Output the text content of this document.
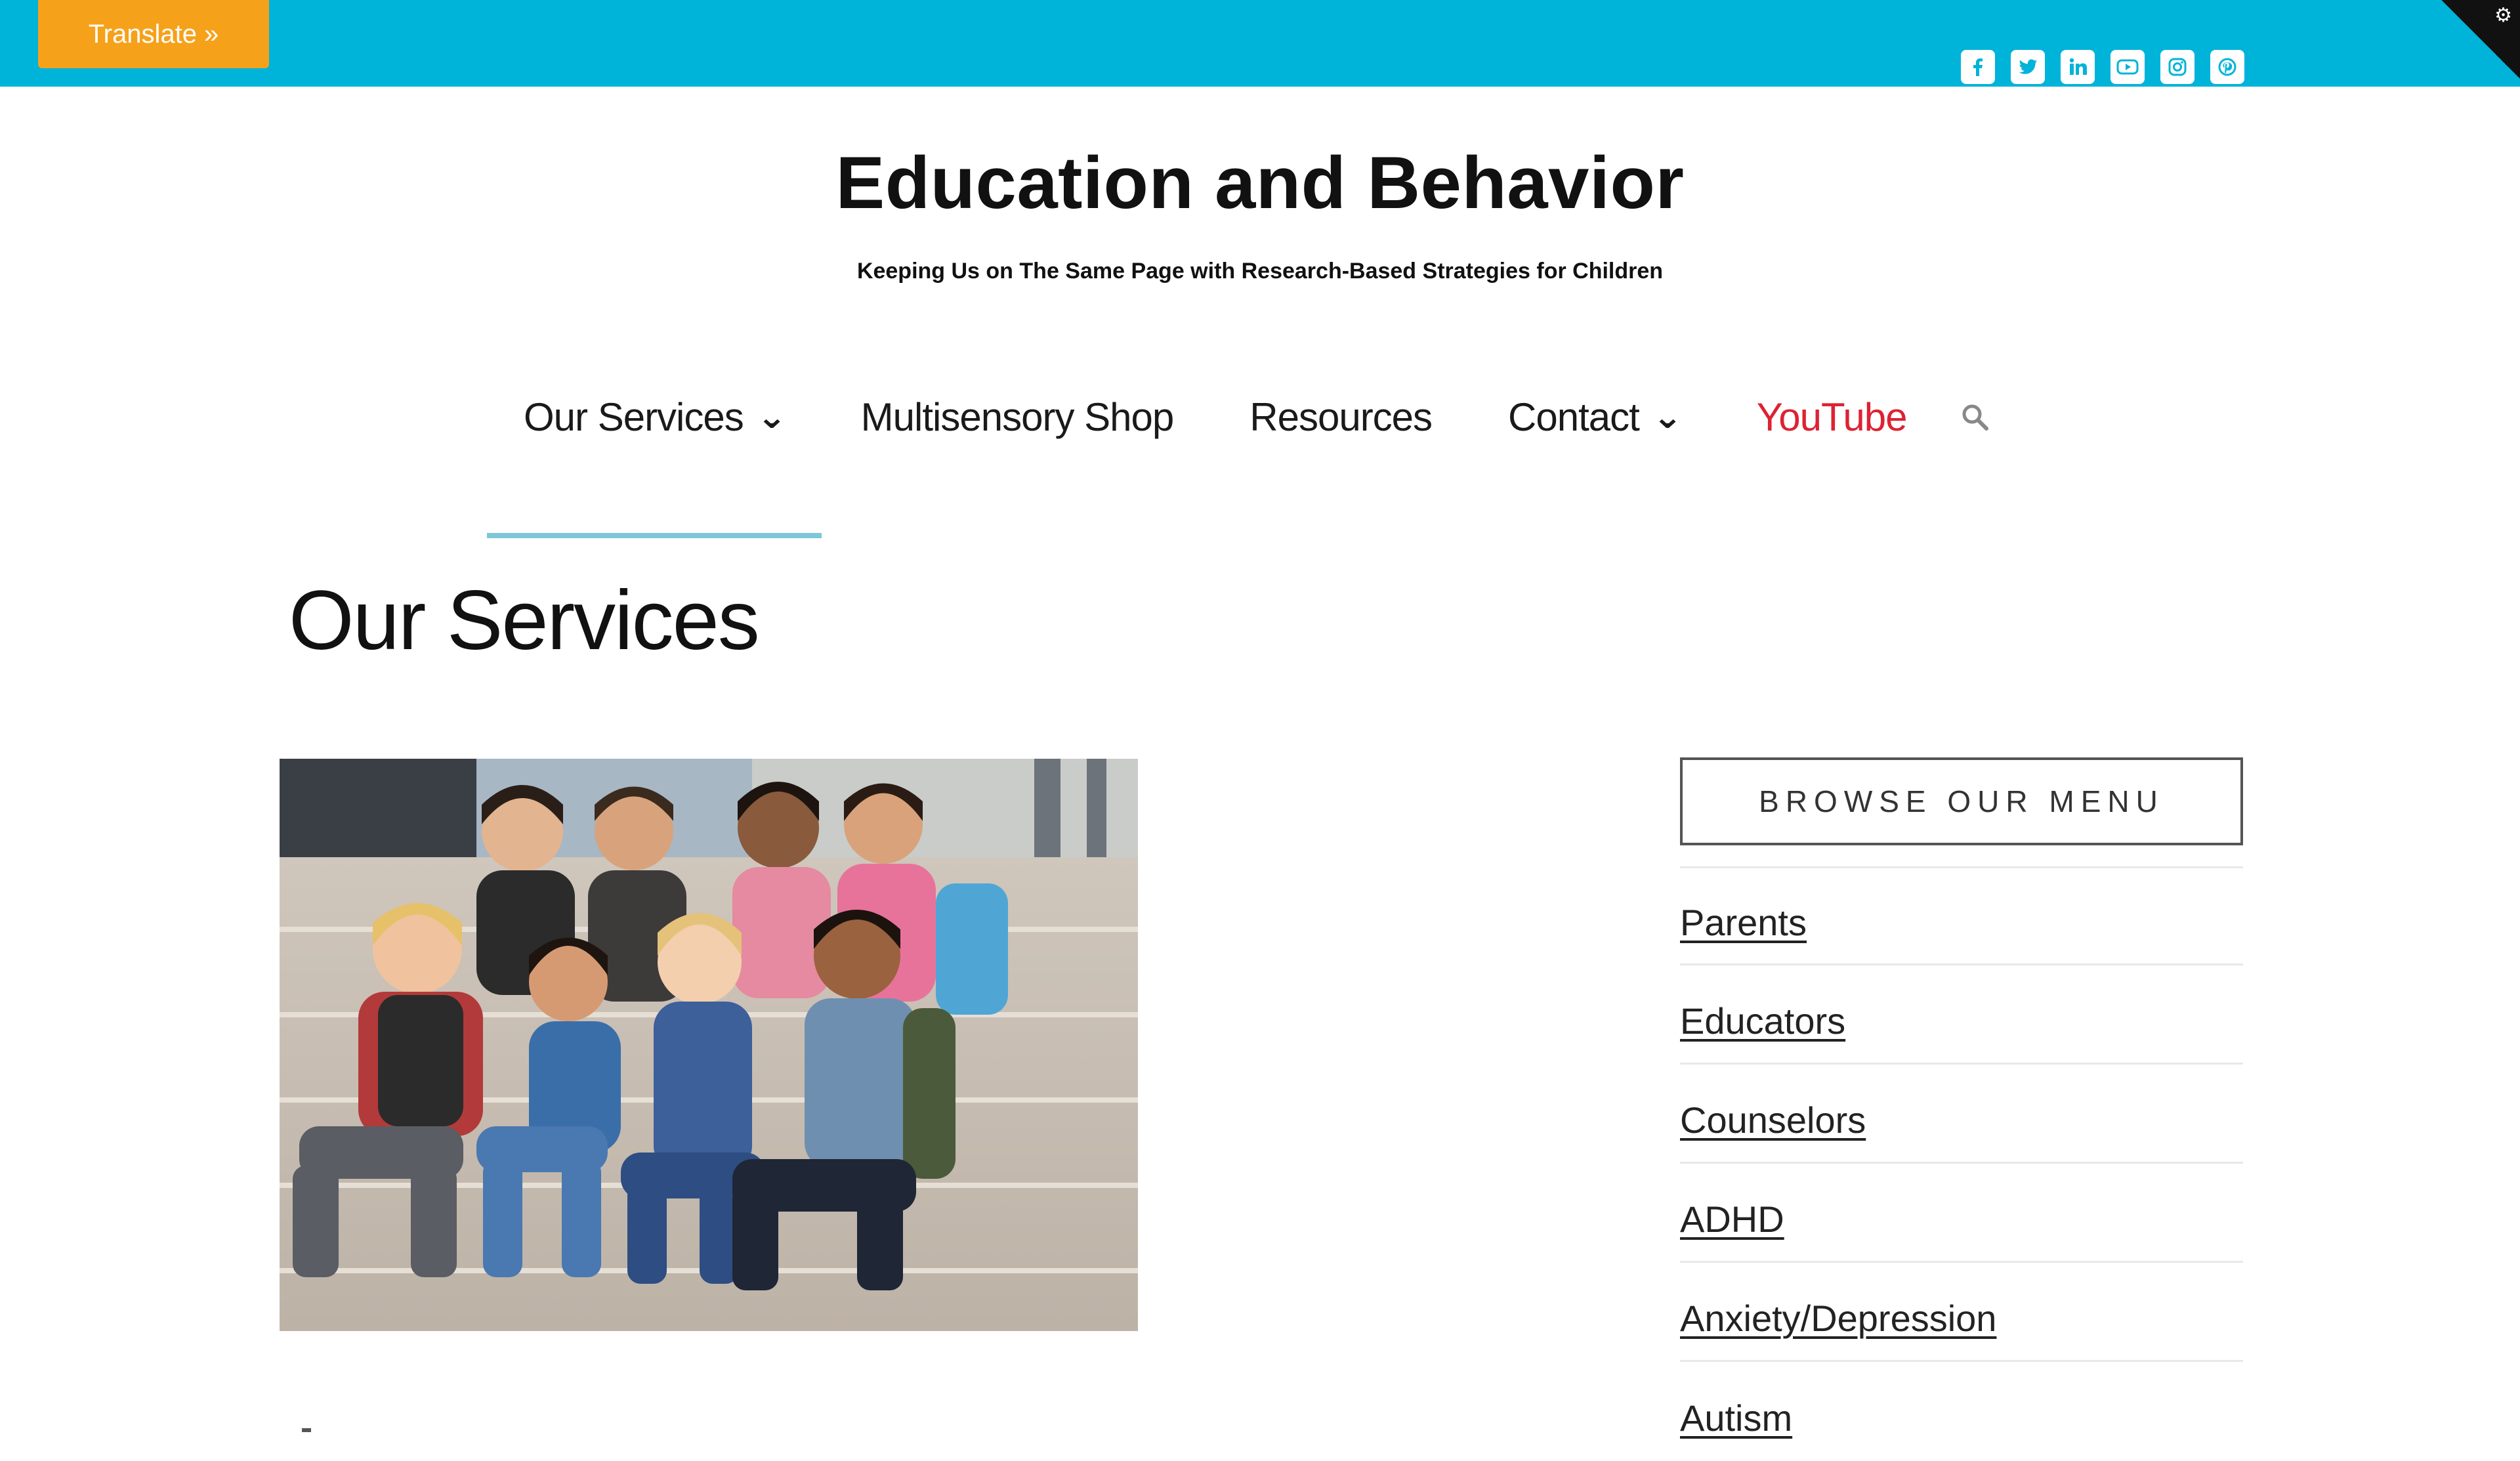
Translate »
⚙
Education and Behavior
Keeping Us on The Same Page with Research-Based Strategies for Children
Our Services ⌄ Multisensory Shop Resources Contact ⌄ YouTube
Our Services
BROWSE OUR MENU
Parents
Educators
Counselors
ADHD
Anxiety/Depression
Autism
